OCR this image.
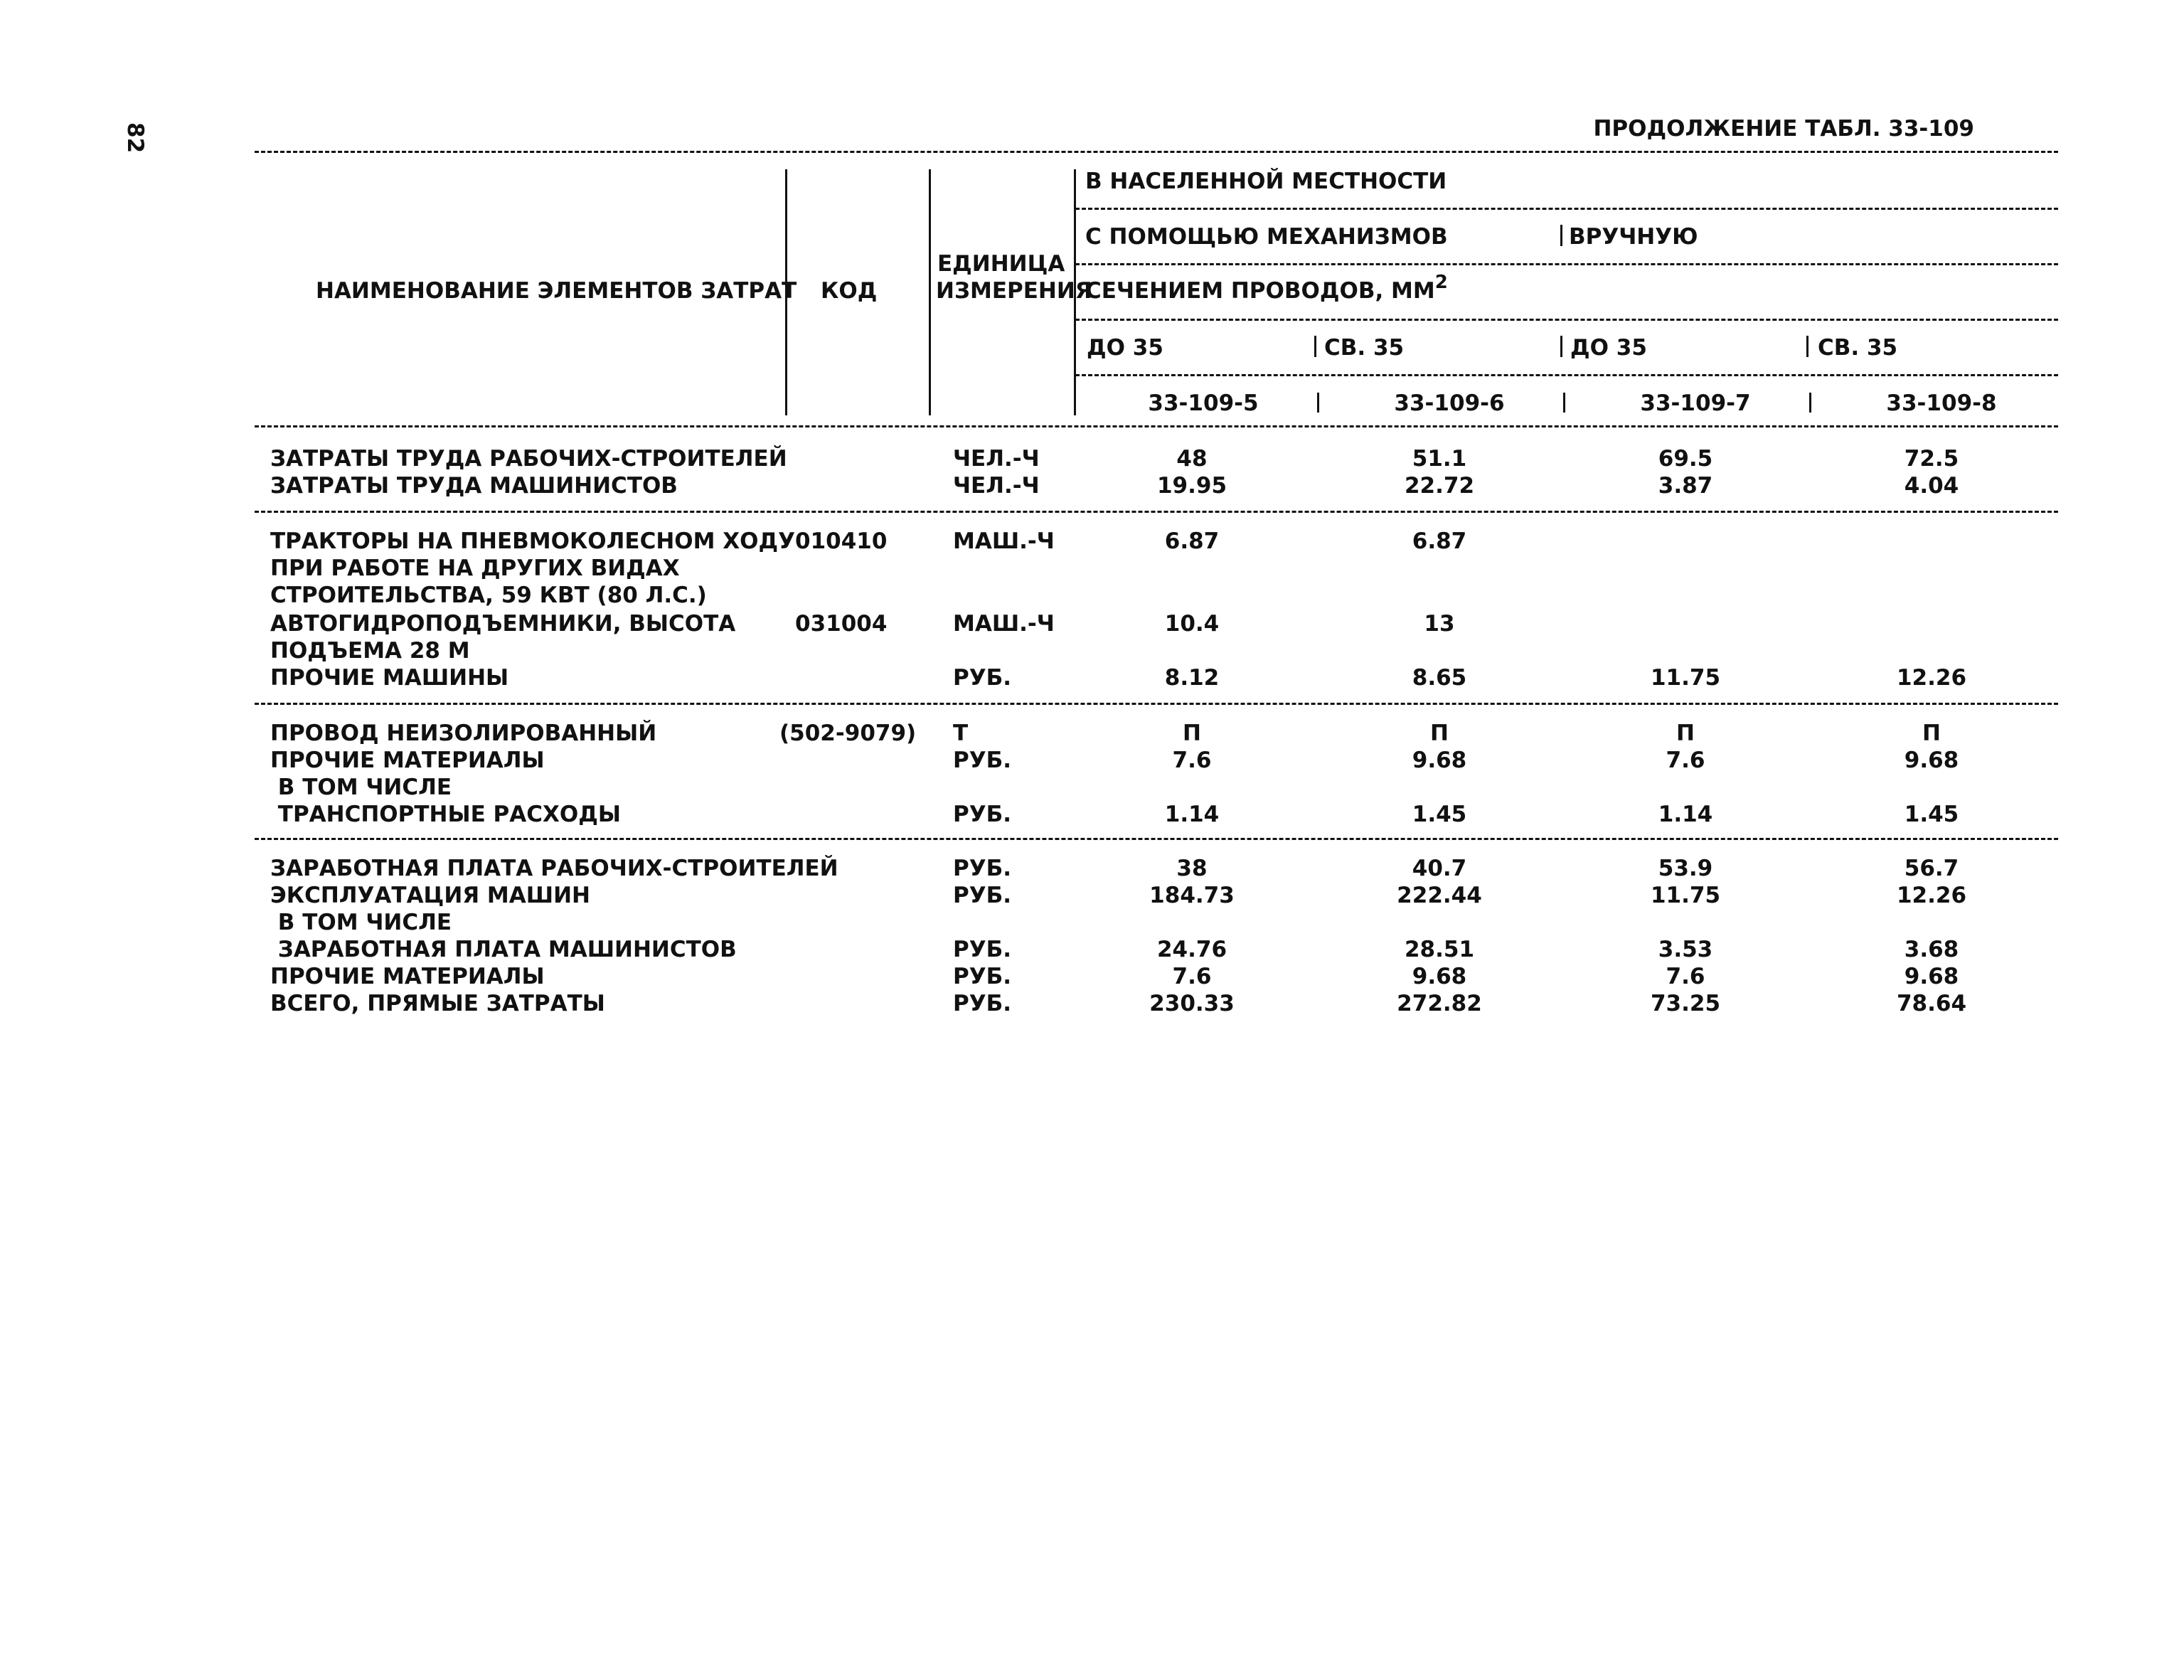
82	ПРОДОЛЖЕНИЕ ТАБЛ. 33-109
НАИМЕНОВАНИЕ ЭЛЕМЕНТОВ ЗАТРАТ КОД
ЕДИНИЦА
ИЗМЕРЕНИЯ
В НАСЕЛЕННОЙ МЕСТНОСТИ
С ПОМОЩЬЮ МЕХАНИЗМОВ	ВРУЧНУЮ
СЕЧЕНИЕМ ПРОВОДОВ, $ММ^2$
ДО 35	СВ. 35	ДО 35	СВ. 35
33-109-5	33-109-6	33-109-7	33-109-8
ЗАТРАТЫ ТРУДА РАБОЧИХ-СТРОИТЕЛЕЙ	ЧЕЛ.-Ч	48	51.1	69.5	72.5
ЗАТРАТЫ ТРУДА МАШИНИСТОВ	ЧЕЛ.-Ч	19.95	22.72	3.87	4.04
ТРАКТОРЫ НА ПНЕВМОКОЛЕСНОМ ХОДУ 010410	МАШ.-Ч	6.87	6.87
ПРИ РАБОТЕ НА ДРУГИХ ВИДАХ
СТРОИТЕЛЬСТВА, 59 КВТ (80 Л.С.)
АВТОГИДРОПОДЪЕМНИКИ, ВЫСОТА	031004	МАШ.-Ч	10.4	13
ПОДЪЕМА 28 М
ПРОЧИЕ МАШИНЫ	РУБ.	8.12	8.65	11.75	12.26
ПРОВОД НЕИЗОЛИРОВАННЫЙ	(502-9079) Т	П	П	П	П
ПРОЧИЕ МАТЕРИАЛЫ	РУБ.	7.6	9.68	7.6	9.68
В ТОМ ЧИСЛЕ
ТРАНСПОРТНЫЕ РАСХОДЫ	РУБ.	1.14	1.45	1.14	1.45
ЗАРАБОТНАЯ ПЛАТА РАБОЧИХ-СТРОИТЕЛЕЙ	РУБ.	38	40.7	53.9	56.7
ЭКСПЛУАТАЦИЯ МАШИН	РУБ.	184.73	222.44	11.75	12.26
В ТОМ ЧИСЛЕ
ЗАРАБОТНАЯ ПЛАТА МАШИНИСТОВ	РУБ.	24.76	28.51	3.53	3.68
ПРОЧИЕ МАТЕРИАЛЫ	РУБ.	7.6	9.68	7.6	9.68
ВСЕГО, ПРЯМЫЕ ЗАТРАТЫ	РУБ.	230.33	272.82	73.25	78.64
